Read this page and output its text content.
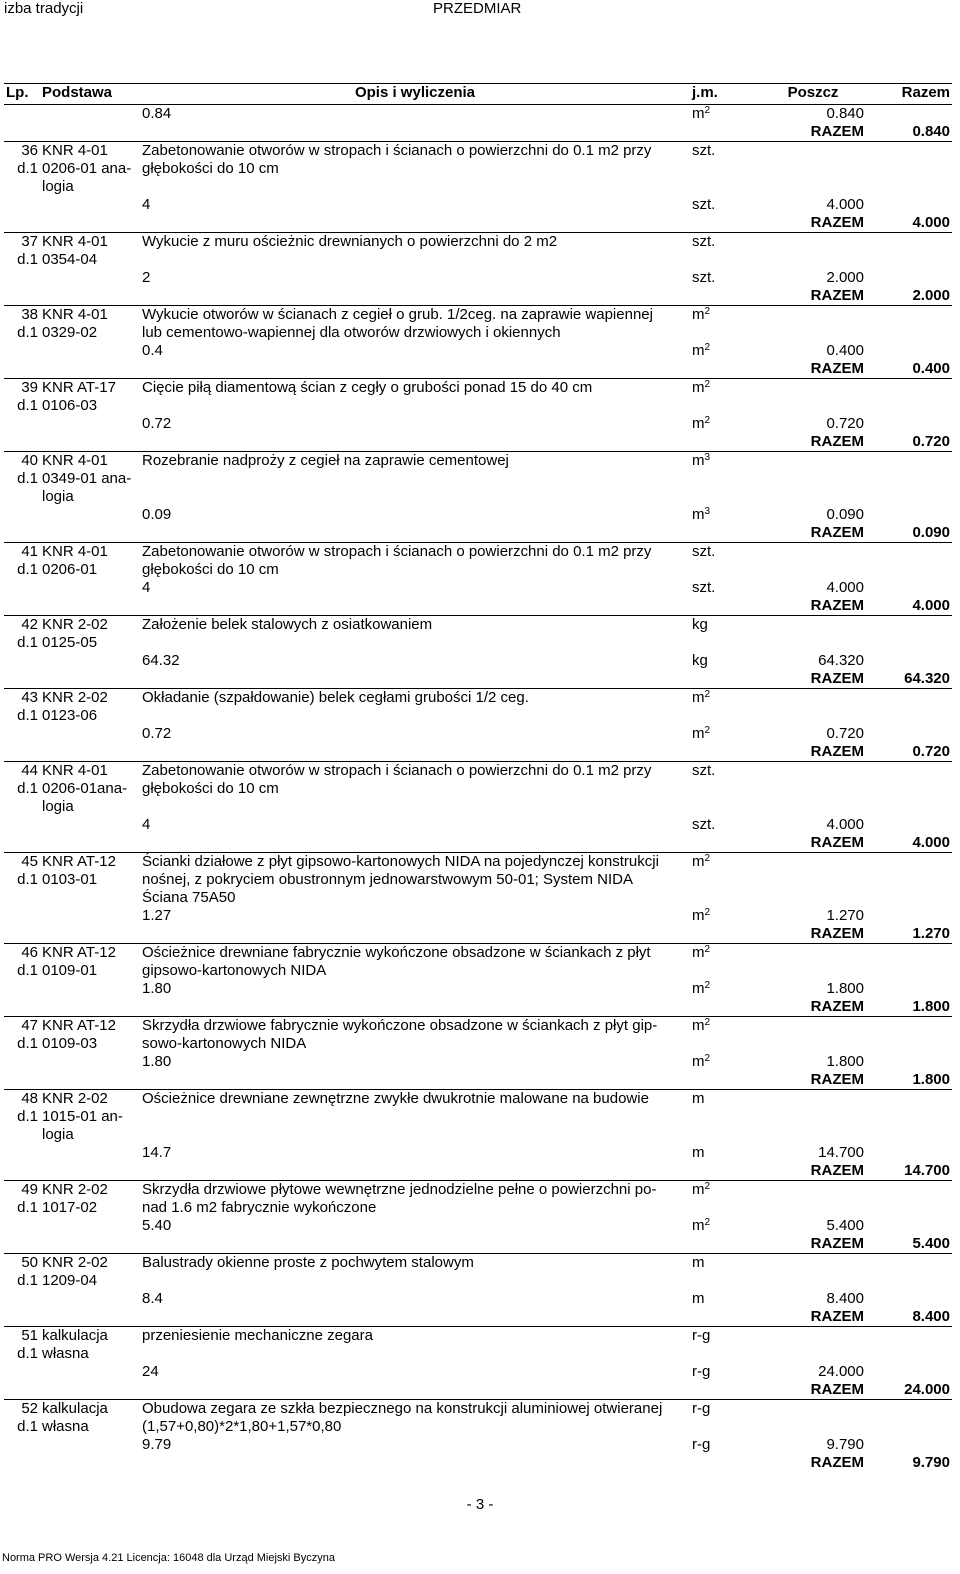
izba tradycji	PRZEDMIAR
Lp.	Podstawa	Opis i wyliczenia	j.m.	Poszcz	Razem
		0.84	$m^2$	0.840	
				RAZEM	0.840
36	KNR 4-01	Zabetonowanie otworów w stropach i ścianach o powierzchni do 0.1 m2 przy	szt.		
d.1	0206-01 ana-	głębokości do 10 cm			
	logia				
		4	szt.	4.000	
				RAZEM	4.000
37	KNR 4-01	Wykucie z muru ościeżnic drewnianych o powierzchni do 2 m2	szt.		
d.1	0354-04				
		2	szt.	2.000	
				RAZEM	2.000
38	KNR 4-01	Wykucie otworów w ścianach z cegieł o grub. 1/2ceg. na zaprawie wapiennej	$m^2$		
d.1	0329-02	lub cementowo-wapiennej dla otworów drzwiowych i okiennych			
		0.4	$m^2$	0.400	
				RAZEM	0.400
39	KNR AT-17	Cięcie piłą diamentową ścian z cegły o grubości ponad 15 do 40 cm	$m^2$		
d.1	0106-03				
		0.72	$m^2$	0.720	
				RAZEM	0.720
40	KNR 4-01	Rozebranie nadproży z cegieł na zaprawie cementowej	$m^3$		
d.1	0349-01 ana-				
	logia				
		0.09	$m^3$	0.090	
				RAZEM	0.090
41	KNR 4-01	Zabetonowanie otworów w stropach i ścianach o powierzchni do 0.1 m2 przy	szt.		
d.1	0206-01	głębokości do 10 cm			
		4	szt.	4.000	
				RAZEM	4.000
42	KNR 2-02	Założenie belek stalowych z osiatkowaniem	kg		
d.1	0125-05				
		64.32	kg	64.320	
				RAZEM	64.320
43	KNR 2-02	Okładanie (szpałdowanie) belek cegłami grubości 1/2 ceg.	$m^2$		
d.1	0123-06				
		0.72	$m^2$	0.720	
				RAZEM	0.720
44	KNR 4-01	Zabetonowanie otworów w stropach i ścianach o powierzchni do 0.1 m2 przy	szt.		
d.1	0206-01ana-	głębokości do 10 cm			
	logia				
		4	szt.	4.000	
				RAZEM	4.000
45	KNR AT-12	Ścianki działowe z płyt gipsowo-kartonowych NIDA na pojedynczej konstrukcji	$m^2$		
d.1	0103-01	nośnej, z pokryciem obustronnym jednowarstwowym 50-01; System NIDA			
		Ściana 75A50			
		1.27	$m^2$	1.270	
				RAZEM	1.270
46	KNR AT-12	Ościeżnice drewniane fabrycznie wykończone obsadzone w ściankach z płyt	$m^2$		
d.1	0109-01	gipsowo-kartonowych NIDA			
		1.80	$m^2$	1.800	
				RAZEM	1.800
47	KNR AT-12	Skrzydła drzwiowe fabrycznie wykończone obsadzone w ściankach z płyt gip-	$m^2$		
d.1	0109-03	sowo-kartonowych NIDA			
		1.80	$m^2$	1.800	
				RAZEM	1.800
48	KNR 2-02	Ościeżnice drewniane zewnętrzne zwykłe dwukrotnie malowane na budowie	m		
d.1	1015-01 an-				
	logia				
		14.7	m	14.700	
				RAZEM	14.700
49	KNR 2-02	Skrzydła drzwiowe płytowe wewnętrzne jednodzielne pełne o powierzchni po-	$m^2$		
d.1	1017-02	nad 1.6 m2 fabrycznie wykończone			
		5.40	$m^2$	5.400	
				RAZEM	5.400
50	KNR 2-02	Balustrady okienne proste z pochwytem stalowym	m		
d.1	1209-04				
		8.4	m	8.400	
				RAZEM	8.400
51	kalkulacja	przeniesienie mechaniczne zegara	r-g		
d.1	własna				
		24	r-g	24.000	
				RAZEM	24.000
52	kalkulacja	Obudowa zegara ze szkła bezpiecznego na konstrukcji aluminiowej otwieranej	r-g		
d.1	własna	(1,57+0,80)*2*1,80+1,57*0,80			
		9.79	r-g	9.790	
				RAZEM	9.790
- 3 -
Norma PRO Wersja 4.21 Licencja: 16048 dla Urząd Miejski Byczyna
